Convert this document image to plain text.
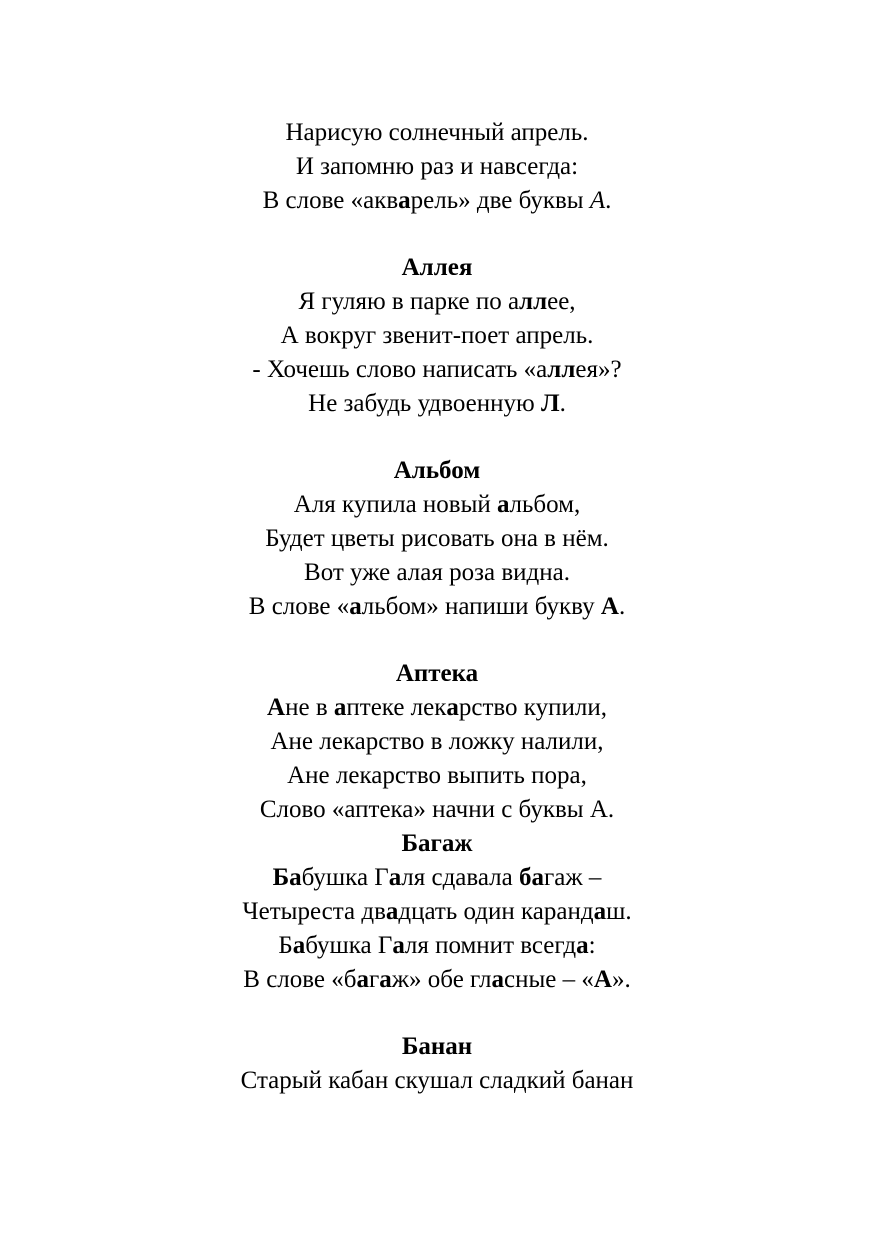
Нарисую солнечный апрель.
И запомню раз и навсегда:
В слове «акварель» две буквы А.
Аллея
Я гуляю в парке по аллее,
А вокруг звенит-поет апрель.
- Хочешь слово написать «аллея»?
Не забудь удвоенную Л.
Альбом
Аля купила новый альбом,
Будет цветы рисовать она в нём.
Вот уже алая роза видна.
В слове «альбом» напиши букву А.
Аптека
Ане в аптеке лекарство купили,
Ане лекарство в ложку налили,
Ане лекарство выпить пора,
Слово «аптека» начни с буквы А.
Багаж
Бабушка Галя сдавала багаж –
Четыреста двадцать один карандаш.
Бабушка Галя помнит всегда:
В слове «багаж» обе гласные – «А».
Банан
Старый кабан скушал сладкий банан
